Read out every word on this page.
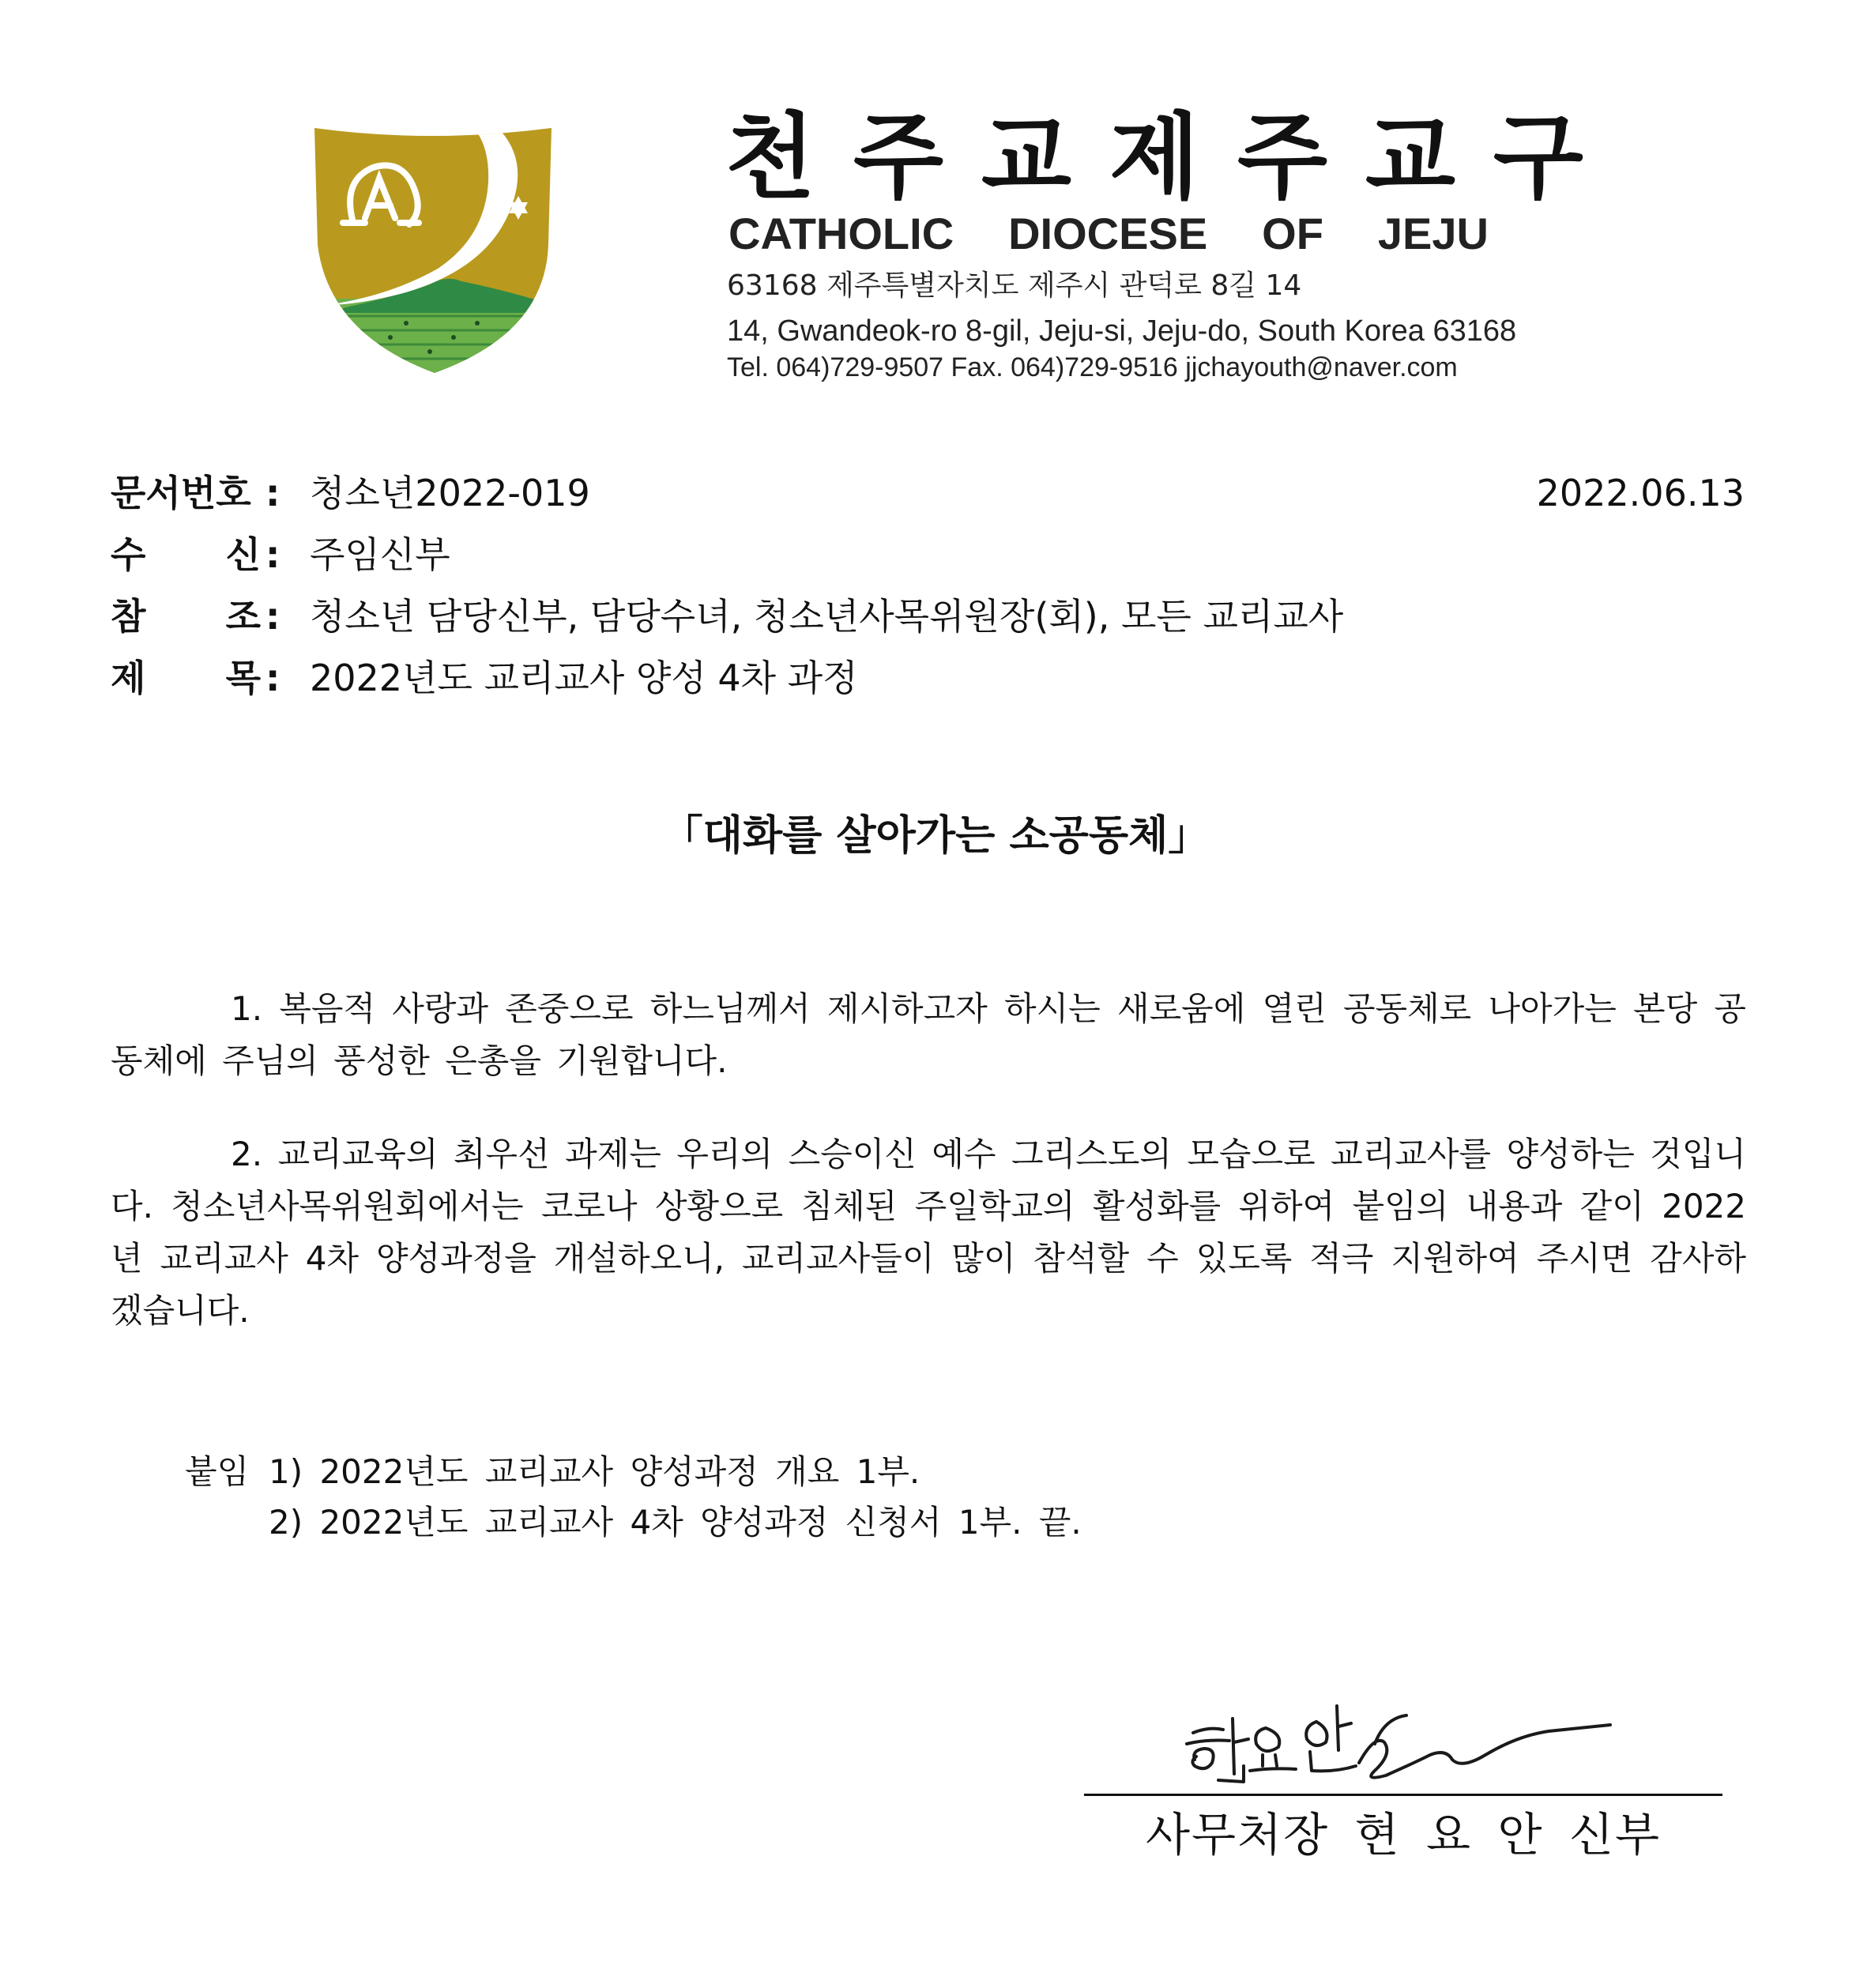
천주교제주교구
CATHOLIC DIOCESE OF JEJU
63168 제주특별자치도 제주시 관덕로 8길 14
14, Gwandeok-ro 8-gil, Jeju-si, Jeju-do, South Korea 63168
Tel. 064)729-9507 Fax. 064)729-9516 jjchayouth@naver.com
문서번호 : 청소년2022-019	2022.06.13
수 신 : 주임신부
참 조 : 청소년 담당신부, 담당수녀, 청소년사목위원장(회), 모든 교리교사
제 목 : 2022년도 교리교사 양성 4차 과정
「대화를 살아가는 소공동체」

1. 복음적 사랑과 존중으로 하느님께서 제시하고자 하시는 새로움에 열린 공동체로 나아가는 본당 공동체에 주님의 풍성한 은총을 기원합니다.

2. 교리교육의 최우선 과제는 우리의 스승이신 예수 그리스도의 모습으로 교리교사를 양성하는 것입니다. 청소년사목위원회에서는 코로나 상황으로 침체된 주일학교의 활성화를 위하여 붙임의 내용과 같이 2022년 교리교사 4차 양성과정을 개설하오니, 교리교사들이 많이 참석할 수 있도록 적극 지원하여 주시면 감사하겠습니다.

붙임 1) 2022년도 교리교사 양성과정 개요 1부.
2) 2022년도 교리교사 4차 양성과정 신청서 1부. 끝.
사무처장 현 요 안 신부
